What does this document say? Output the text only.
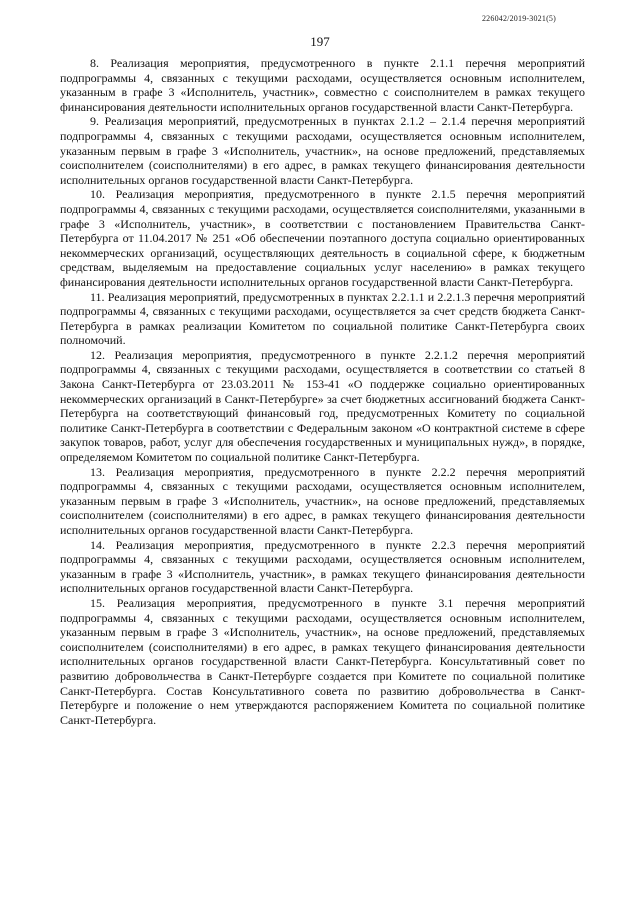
226042/2019-3021(5)
197

8. Реализация мероприятия, предусмотренного в пункте 2.1.1 перечня мероприятий подпрограммы 4, связанных с текущими расходами, осуществляется основным исполнителем, указанным в графе 3 «Исполнитель, участник», совместно с соисполнителем в рамках текущего финансирования деятельности исполнительных органов государственной власти Санкт-Петербурга.

9. Реализация мероприятий, предусмотренных в пунктах 2.1.2 – 2.1.4 перечня мероприятий подпрограммы 4, связанных с текущими расходами, осуществляется основным исполнителем, указанным первым в графе 3 «Исполнитель, участник», на основе предложений, представляемых соисполнителем (соисполнителями) в его адрес, в рамках текущего финансирования деятельности исполнительных органов государственной власти Санкт-Петербурга.

10. Реализация мероприятия, предусмотренного в пункте 2.1.5 перечня мероприятий подпрограммы 4, связанных с текущими расходами, осуществляется соисполнителями, указанными в графе 3 «Исполнитель, участник», в соответствии с постановлением Правительства Санкт-Петербурга от 11.04.2017 № 251 «Об обеспечении поэтапного доступа социально ориентированных некоммерческих организаций, осуществляющих деятельность в социальной сфере, к бюджетным средствам, выделяемым на предоставление социальных услуг населению» в рамках текущего финансирования деятельности исполнительных органов государственной власти Санкт-Петербурга.

11. Реализация мероприятий, предусмотренных в пунктах 2.2.1.1 и 2.2.1.3 перечня мероприятий подпрограммы 4, связанных с текущими расходами, осуществляется за счет средств бюджета Санкт-Петербурга в рамках реализации Комитетом по социальной политике Санкт-Петербурга своих полномочий.

12. Реализация мероприятия, предусмотренного в пункте 2.2.1.2 перечня мероприятий подпрограммы 4, связанных с текущими расходами, осуществляется в соответствии со статьей 8 Закона Санкт-Петербурга от 23.03.2011 № 153-41 «О поддержке социально ориентированных некоммерческих организаций в Санкт-Петербурге» за счет бюджетных ассигнований бюджета Санкт-Петербурга на соответствующий финансовый год, предусмотренных Комитету по социальной политике Санкт-Петербурга в соответствии с Федеральным законом «О контрактной системе в сфере закупок товаров, работ, услуг для обеспечения государственных и муниципальных нужд», в порядке, определяемом Комитетом по социальной политике Санкт-Петербурга.

13. Реализация мероприятия, предусмотренного в пункте 2.2.2 перечня мероприятий подпрограммы 4, связанных с текущими расходами, осуществляется основным исполнителем, указанным первым в графе 3 «Исполнитель, участник», на основе предложений, представляемых соисполнителем (соисполнителями) в его адрес, в рамках текущего финансирования деятельности исполнительных органов государственной власти Санкт-Петербурга.

14. Реализация мероприятия, предусмотренного в пункте 2.2.3 перечня мероприятий подпрограммы 4, связанных с текущими расходами, осуществляется основным исполнителем, указанным в графе 3 «Исполнитель, участник», в рамках текущего финансирования деятельности исполнительных органов государственной власти Санкт-Петербурга.

15. Реализация мероприятия, предусмотренного в пункте 3.1 перечня мероприятий подпрограммы 4, связанных с текущими расходами, осуществляется основным исполнителем, указанным первым в графе 3 «Исполнитель, участник», на основе предложений, представляемых соисполнителем (соисполнителями) в его адрес, в рамках текущего финансирования деятельности исполнительных органов государственной власти Санкт-Петербурга. Консультативный совет по развитию добровольчества в Санкт-Петербурге создается при Комитете по социальной политике Санкт-Петербурга. Состав Консультативного совета по развитию добровольчества в Санкт-Петербурге и положение о нем утверждаются распоряжением Комитета по социальной политике Санкт-Петербурга.
